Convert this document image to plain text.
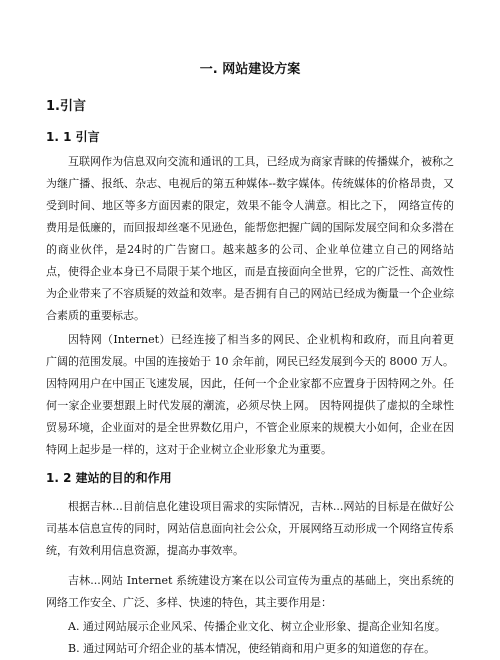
一. 网站建设方案
1.引言
1. 1 引言

互联网作为信息双向交流和通讯的工具，已经成为商家青睐的传播媒介，被称之为继广播、报纸、杂志、电视后的第五种媒体--数字媒体。传统媒体的价格昂贵，又受到时间、地区等多方面因素的限定，效果不能令人满意。相比之下， 网络宣传的费用是低廉的，而回报却丝毫不见逊色，能帮您把握广阔的国际发展空间和众多潜在的商业伙伴，是24时的广告窗口。越来越多的公司、企业单位建立自己的网络站点，使得企业本身已不局限于某个地区，而是直接面向全世界，它的广泛性、高效性为企业带来了不容质疑的效益和效率。是否拥有自己的网站已经成为衡量一个企业综合素质的重要标志。

因特网（Internet）已经连接了相当多的网民、企业机构和政府，而且向着更广阔的范围发展。中国的连接始于 10 余年前，网民已经发展到今天的 8000 万人。因特网用户在中国正飞速发展，因此，任何一个企业家都不应置身于因特网之外。任何一家企业要想跟上时代发展的潮流，必须尽快上网。 因特网提供了虚拟的全球性贸易环境，企业面对的是全世界数亿用户，不管企业原来的规模大小如何，企业在因特网上起步是一样的，这对于企业树立企业形象尤为重要。

1. 2 建站的目的和作用

根据吉林...目前信息化建设项目需求的实际情况，吉林...网站的目标是在做好公司基本信息宣传的同时，网站信息面向社会公众，开展网络互动形成一个网络宣传系统，有效利用信息资源，提高办事效率。

吉林...网站 Internet 系统建设方案在以公司宣传为重点的基础上，突出系统的网络工作安全、广泛、多样、快速的特色，其主要作用是：

A. 通过网站展示企业风采、传播企业文化、树立企业形象、提高企业知名度。

B. 通过网站可介绍企业的基本情况，使经销商和用户更多的知道您的存在。
